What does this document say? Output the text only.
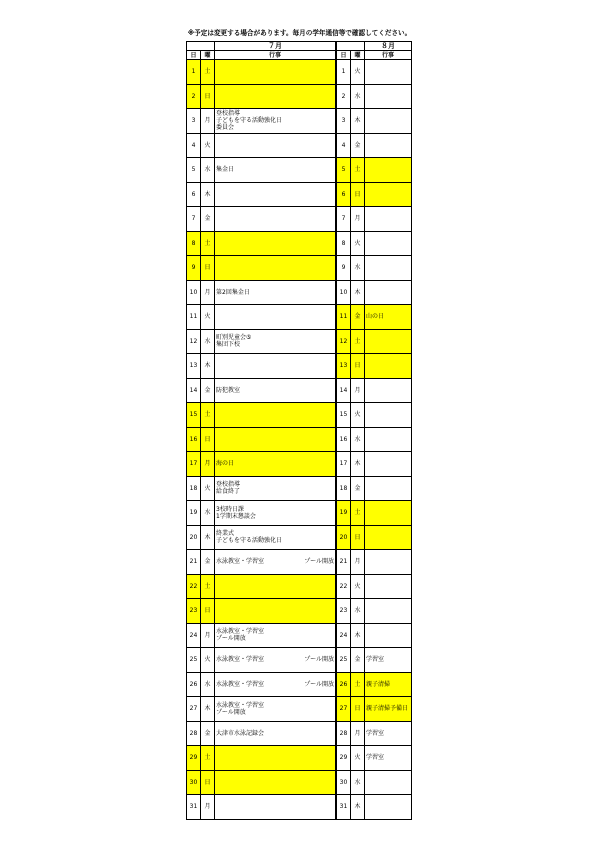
※予定は変更する場合があります。毎月の学年通信等で確認してください。
		７月
日	曜	行事
1	土	
2	日	
3	月	登校指導
子どもを守る活動強化日
委員会
4	火	
5	水	集金日
6	木	
7	金	
8	土	
9	日	
10	月	第2回集金日
11	火	
12	水	町別児童会⑤
集団下校
13	木	
14	金	防犯教室
15	土	
16	日	
17	月	海の日
18	火	登校指導
給食終了
19	水	3校時日課
1学期末懇談会
20	木	終業式
子どもを守る活動強化日
21	金	プール開放
水泳教室・学習室
22	土	
23	日	
24	月	水泳教室・学習室
プール開放
25	火	プール開放
水泳教室・学習室
26	水	プール開放
水泳教室・学習室
27	木	水泳教室・学習室
プール開放
28	金	大津市水泳記録会
29	土	
30	日	
31	月	
		８月
日	曜	行事
1	火	
2	水	
3	木	
4	金	
5	土	
6	日	
7	月	
8	火	
9	水	
10	木	
11	金	山の日
12	土	
13	日	
14	月	
15	火	
16	水	
17	木	
18	金	
19	土	
20	日	
21	月	
22	火	
23	水	
24	木	
25	金	学習室
26	土	親子清掃
27	日	親子清掃予備日
28	月	学習室
29	火	学習室
30	水	
31	木	
